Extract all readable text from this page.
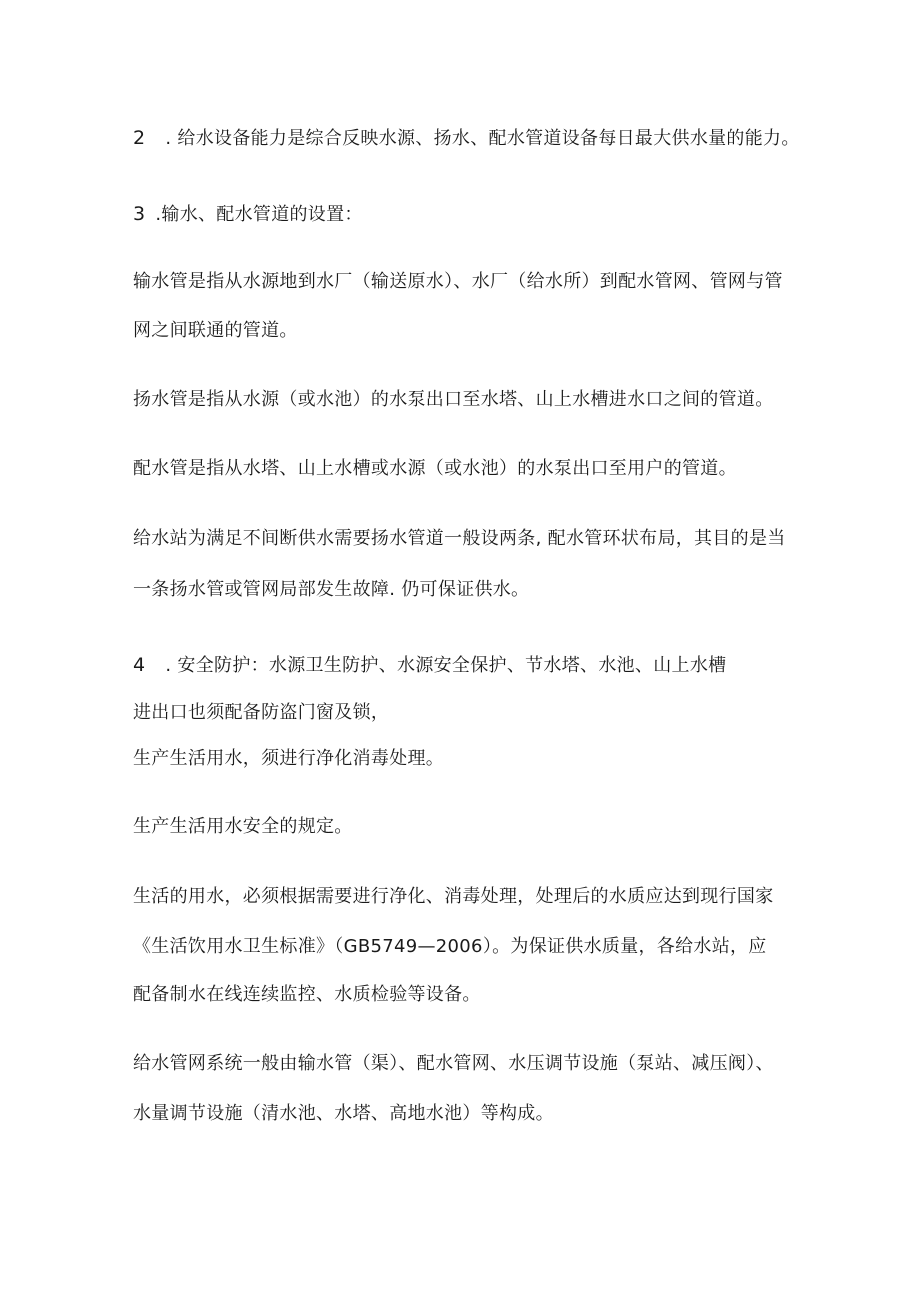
2 . 给水设备能力是综合反映水源、扬水、配水管道设备每日最大供水量的能力。
3 .输水、配水管道的设置：
输水管是指从水源地到水厂（输送原水）、水厂（给水所）到配水管网、管网与管
网之间联通的管道。
扬水管是指从水源（或水池）的水泵出口至水塔、山上水槽进水口之间的管道。
配水管是指从水塔、山上水槽或水源（或水池）的水泵出口至用户的管道。
给水站为满足不间断供水需要扬水管道一般设两条, 配水管环状布局，其目的是当
一条扬水管或管网局部发生故障. 仍可保证供水。
4 . 安全防护：水源卫生防护、水源安全保护、节水塔、水池、山上水槽
进出口也须配备防盗门窗及锁，
生产生活用水，须进行净化消毒处理。
生产生活用水安全的规定。
生活的用水，必须根据需要进行净化、消毒处理，处理后的水质应达到现行国家
《生活饮用水卫生标准》（GB5749—2006）。为保证供水质量，各给水站，应
配备制水在线连续监控、水质检验等设备。
给水管网系统一般由输水管（渠）、配水管网、水压调节设施（泵站、减压阀）、
水量调节设施（清水池、水塔、高地水池）等构成。
